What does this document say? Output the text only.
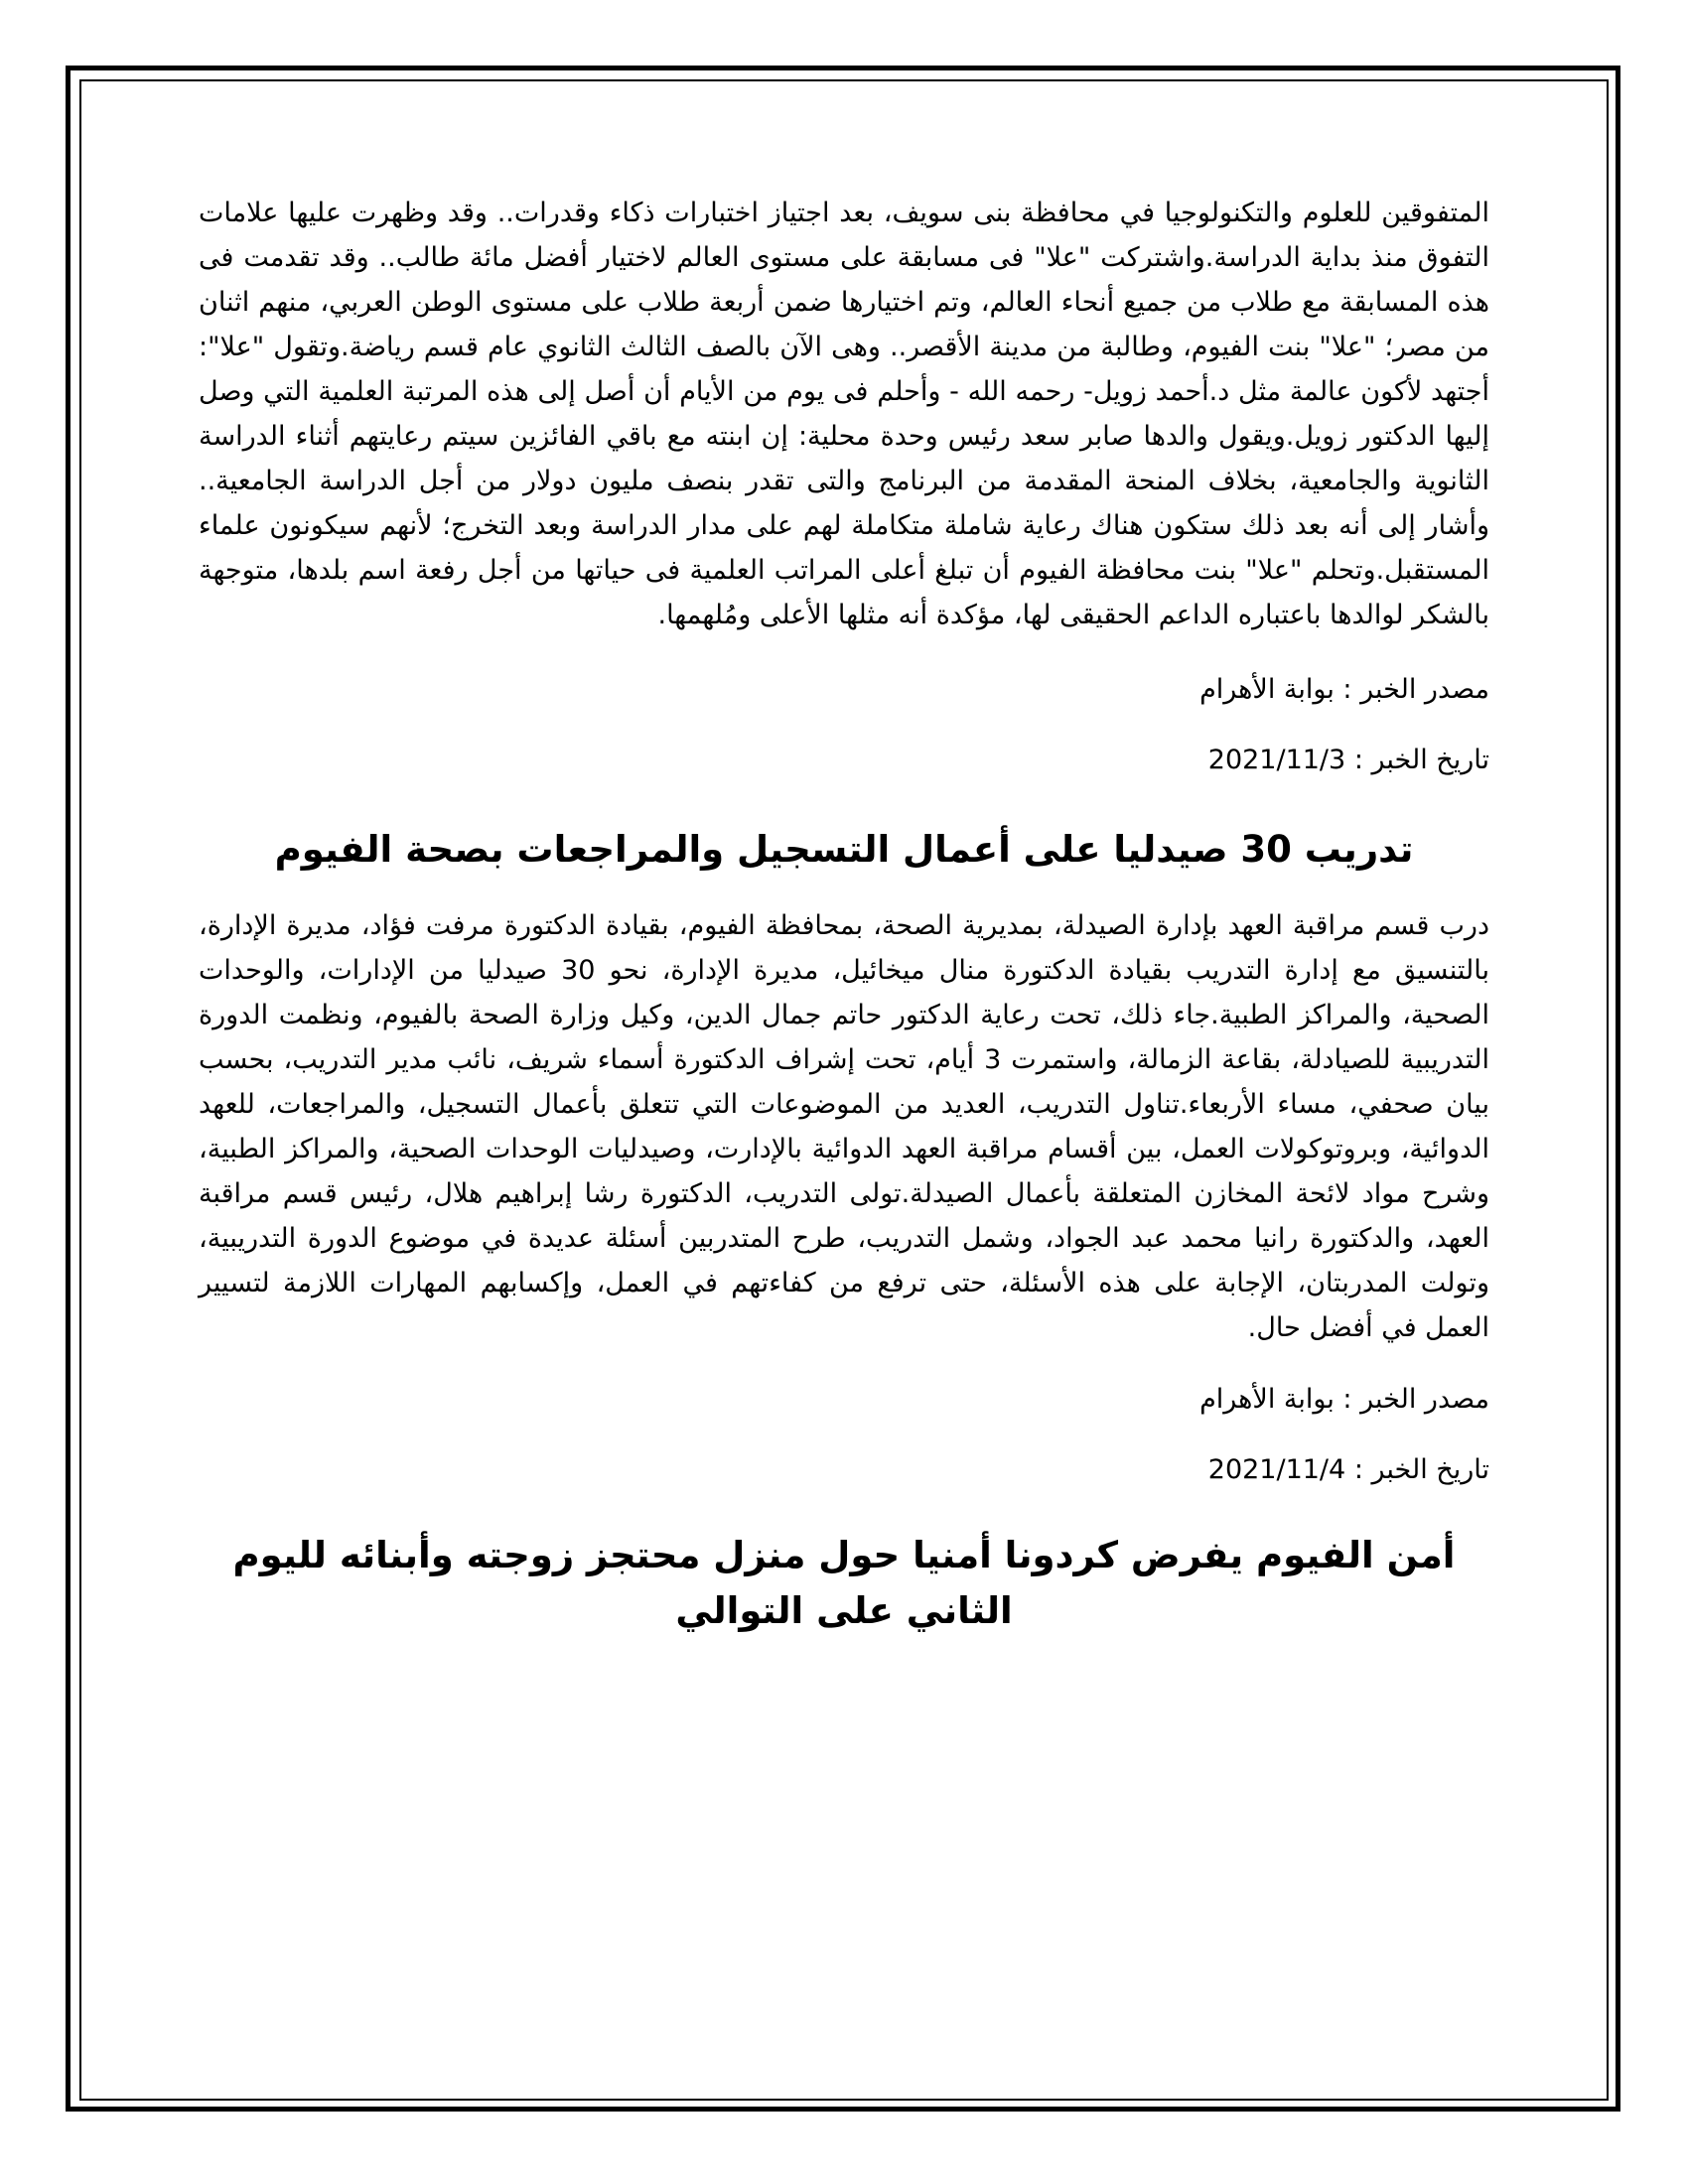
المتفوقين للعلوم والتكنولوجيا في محافظة بنى سويف، بعد اجتياز اختبارات ذكاء وقدرات.. وقد وظهرت عليها علامات التفوق منذ بداية الدراسة.واشتركت "علا" فى مسابقة على مستوى العالم لاختيار أفضل مائة طالب.. وقد تقدمت فى هذه المسابقة مع طلاب من جميع أنحاء العالم، وتم اختيارها ضمن أربعة طلاب على مستوى الوطن العربي، منهم اثنان من مصر؛ "علا" بنت الفيوم، وطالبة من مدينة الأقصر.. وهى الآن بالصف الثالث الثانوي عام قسم رياضة.وتقول "علا": أجتهد لأكون عالمة مثل د.أحمد زويل- رحمه الله - وأحلم فى يوم من الأيام أن أصل إلى هذه المرتبة العلمية التي وصل إليها الدكتور زويل.ويقول والدها صابر سعد رئيس وحدة محلية: إن ابنته مع باقي الفائزين سيتم رعايتهم أثناء الدراسة الثانوية والجامعية، بخلاف المنحة المقدمة من البرنامج والتى تقدر بنصف مليون دولار من أجل الدراسة الجامعية.. وأشار إلى أنه بعد ذلك ستكون هناك رعاية شاملة متكاملة لهم على مدار الدراسة وبعد التخرج؛ لأنهم سيكونون علماء المستقبل.وتحلم "علا" بنت محافظة الفيوم أن تبلغ أعلى المراتب العلمية فى حياتها من أجل رفعة اسم بلدها، متوجهة بالشكر لوالدها باعتباره الداعم الحقيقى لها، مؤكدة أنه مثلها الأعلى ومُلهمها.

مصدر الخبر : بوابة الأهرام

تاريخ الخبر : 2021/11/3

تدريب 30 صيدليا على أعمال التسجيل والمراجعات بصحة الفيوم

درب قسم مراقبة العهد بإدارة الصيدلة، بمديرية الصحة، بمحافظة الفيوم، بقيادة الدكتورة مرفت فؤاد، مديرة الإدارة، بالتنسيق مع إدارة التدريب بقيادة الدكتورة منال ميخائيل، مديرة الإدارة، نحو 30 صيدليا من الإدارات، والوحدات الصحية، والمراكز الطبية.جاء ذلك، تحت رعاية الدكتور حاتم جمال الدين، وكيل وزارة الصحة بالفيوم، ونظمت الدورة التدريبية للصيادلة، بقاعة الزمالة، واستمرت 3 أيام، تحت إشراف الدكتورة أسماء شريف، نائب مدير التدريب، بحسب بيان صحفي، مساء الأربعاء.تناول التدريب، العديد من الموضوعات التي تتعلق بأعمال التسجيل، والمراجعات، للعهد الدوائية، وبروتوكولات العمل، بين أقسام مراقبة العهد الدوائية بالإدارت، وصيدليات الوحدات الصحية، والمراكز الطبية، وشرح مواد لائحة المخازن المتعلقة بأعمال الصيدلة.تولى التدريب، الدكتورة رشا إبراهيم هلال، رئيس قسم مراقبة العهد، والدكتورة رانيا محمد عبد الجواد، وشمل التدريب، طرح المتدربين أسئلة عديدة في موضوع الدورة التدريبية، وتولت المدربتان، الإجابة على هذه الأسئلة، حتى ترفع من كفاءتهم في العمل، وإكسابهم المهارات اللازمة لتسيير العمل في أفضل حال.

مصدر الخبر : بوابة الأهرام

تاريخ الخبر : 2021/11/4

أمن الفيوم يفرض كردونا أمنيا حول منزل محتجز زوجته وأبنائه لليوم الثاني على التوالي
